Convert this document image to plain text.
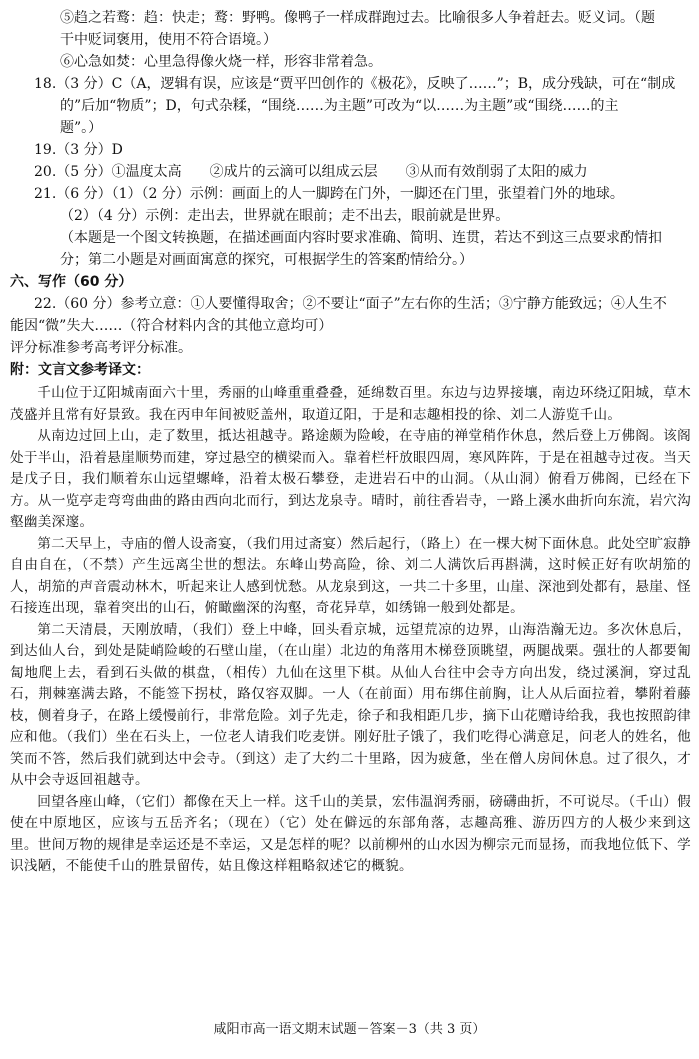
⑤趋之若鹜：趋：快走；鹜：野鸭。像鸭子一样成群跑过去。比喻很多人争着赶去。贬义词。（题

干中贬词褒用，使用不符合语境。）

⑥心急如焚：心里急得像火烧一样，形容非常着急。

18.（3 分）C（A，逻辑有误，应该是“贾平凹创作的《极花》，反映了……”；B，成分残缺，可在“制成

的”后加“物质”；D，句式杂糅，“围绕……为主题”可改为“以……为主题”或“围绕……的主

题”。）

19.（3 分）D

20.（5 分）①温度太高　　②成片的云滴可以组成云层　　③从而有效削弱了太阳的威力

21.（6 分）（1）（2 分）示例：画面上的人一脚跨在门外，一脚还在门里，张望着门外的地球。

（2）（4 分）示例：走出去，世界就在眼前；走不出去，眼前就是世界。

（本题是一个图文转换题，在描述画面内容时要求准确、简明、连贯，若达不到这三点要求酌情扣

分；第二小题是对画面寓意的探究，可根据学生的答案酌情给分。）

六、写作（60 分）

22.（60 分）参考立意：①人要懂得取舍；②不要让“面子”左右你的生活；③宁静方能致远；④人生不

能因“微”失大……（符合材料内含的其他立意均可）

评分标准参考高考评分标准。

附：文言文参考译文：

千山位于辽阳城南面六十里，秀丽的山峰重重叠叠，延绵数百里。东边与边界接壤，南边环绕辽阳城，草木茂盛并且常有好景致。我在丙申年间被贬盖州，取道辽阳，于是和志趣相投的徐、刘二人游览千山。

从南边过回上山，走了数里，抵达祖越寺。路途颇为险峻，在寺庙的禅堂稍作休息，然后登上万佛阁。该阁处于半山，沿着悬崖顺势而建，穿过悬空的横梁而入。靠着栏杆放眼四周，寒风阵阵，于是在祖越寺过夜。当天是戊子日，我们顺着东山远望螺峰，沿着太极石攀登，走进岩石中的山洞。（从山洞）俯看万佛阁，已经在下方。从一览亭走弯弯曲曲的路由西向北而行，到达龙泉寺。晴时，前往香岩寺，一路上溪水曲折向东流，岩穴沟壑幽美深邃。

第二天早上，寺庙的僧人设斋宴，（我们用过斋宴）然后起行，（路上）在一棵大树下面休息。此处空旷寂静自由自在，（不禁）产生远离尘世的想法。东峰山势高险，徐、刘二人满饮后再斟满，这时候正好有吹胡笳的人，胡笳的声音震动林木，听起来让人感到忧愁。从龙泉到这，一共二十多里，山崖、深池到处都有，悬崖、怪石接连出现，靠着突出的山石，俯瞰幽深的沟壑，奇花异草，如绣锦一般到处都是。

第二天清晨，天刚放晴，（我们）登上中峰，回头看京城，远望荒凉的边界，山海浩瀚无边。多次休息后，到达仙人台，到处是陡峭险峻的石壁山崖，（在山崖）北边的角落用木梯登顶眺望，两腿战栗。强壮的人都要匍匐地爬上去，看到石头做的棋盘，（相传）九仙在这里下棋。从仙人台往中会寺方向出发，绕过溪涧，穿过乱石，荆棘塞满去路，不能签下拐杖，路仅容双脚。一人（在前面）用布绑住前胸，让人从后面拉着，攀附着藤枝，侧着身子，在路上缓慢前行，非常危险。刘子先走，徐子和我相距几步，摘下山花赠诗给我，我也按照韵律应和他。（我们）坐在石头上，一位老人请我们吃麦饼。刚好肚子饿了，我们吃得心满意足，问老人的姓名，他笑而不答，然后我们就到达中会寺。（到这）走了大约二十里路，因为疲惫，坐在僧人房间休息。过了很久，才从中会寺返回祖越寺。

回望各座山峰，（它们）都像在天上一样。这千山的美景，宏伟温润秀丽，磅礴曲折，不可说尽。（千山）假使在中原地区，应该与五岳齐名；（现在）（它）处在僻远的东部角落，志趣高雅、游历四方的人极少来到这里。世间万物的规律是幸运还是不幸运，又是怎样的呢？以前柳州的山水因为柳宗元而显扬，而我地位低下、学识浅陋，不能使千山的胜景留传，姑且像这样粗略叙述它的概貌。

咸阳市高一语文期末试题－答案－3（共 3 页）
